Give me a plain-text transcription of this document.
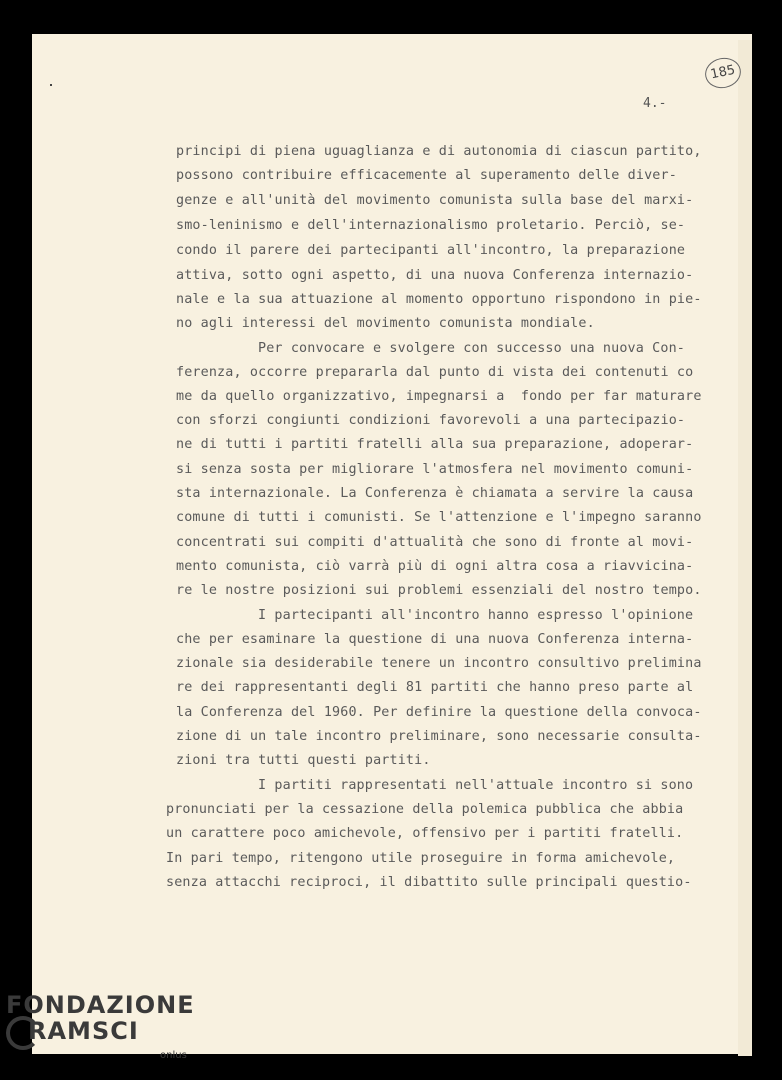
185
4.-

principi di piena uguaglianza e di autonomia di ciascun partito,

possono contribuire efficacemente al superamento delle diver-

genze e all'unità del movimento comunista sulla base del marxi-

smo-leninismo e dell'internazionalismo proletario. Perciò, se-

condo il parere dei partecipanti all'incontro, la preparazione

attiva, sotto ogni aspetto, di una nuova Conferenza internazio-

nale e la sua attuazione al momento opportuno rispondono in pie-

no agli interessi del movimento comunista mondiale.

Per convocare e svolgere con successo una nuova Con-

ferenza, occorre prepararla dal punto di vista dei contenuti co

me da quello organizzativo, impegnarsi a  fondo per far maturare

con sforzi congiunti condizioni favorevoli a una partecipazio-

ne di tutti i partiti fratelli alla sua preparazione, adoperar-

si senza sosta per migliorare l'atmosfera nel movimento comuni-

sta internazionale. La Conferenza è chiamata a servire la causa

comune di tutti i comunisti. Se l'attenzione e l'impegno saranno

concentrati sui compiti d'attualità che sono di fronte al movi-

mento comunista, ciò varrà più di ogni altra cosa a riavvicina-

re le nostre posizioni sui problemi essenziali del nostro tempo.

I partecipanti all'incontro hanno espresso l'opinione

che per esaminare la questione di una nuova Conferenza interna-

zionale sia desiderabile tenere un incontro consultivo prelimina

re dei rappresentanti degli 81 partiti che hanno preso parte al

la Conferenza del 1960. Per definire la questione della convoca-

zione di un tale incontro preliminare, sono necessarie consulta-

zioni tra tutti questi partiti.

I partiti rappresentati nell'attuale incontro si sono

pronunciati per la cessazione della polemica pubblica che abbia

un carattere poco amichevole, offensivo per i partiti fratelli.

In pari tempo, ritengono utile proseguire in forma amichevole,

senza attacchi reciproci, il dibattito sulle principali questio-

FONDAZIONE
RAMSCI
onlus
